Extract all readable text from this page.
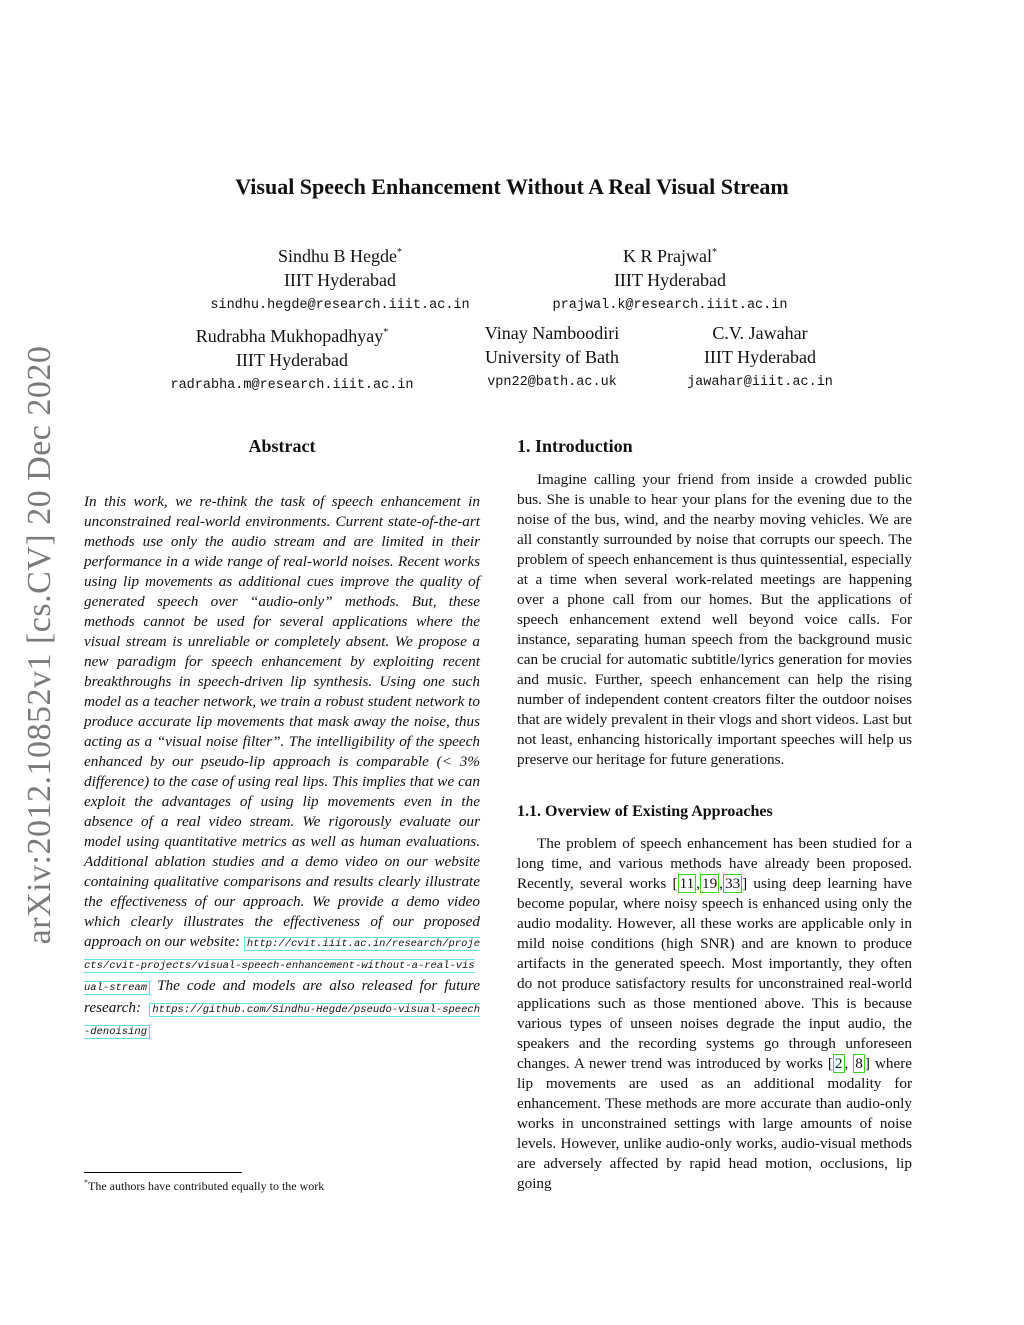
arXiv:2012.10852v1 [cs.CV] 20 Dec 2020
Visual Speech Enhancement Without A Real Visual Stream
Sindhu B Hegde*
IIIT Hyderabad
sindhu.hegde@research.iiit.ac.in
K R Prajwal*
IIIT Hyderabad
prajwal.k@research.iiit.ac.in
Rudrabha Mukhopadhyay*
IIIT Hyderabad
radrabha.m@research.iiit.ac.in
Vinay Namboodiri
University of Bath
vpn22@bath.ac.uk
C.V. Jawahar
IIIT Hyderabad
jawahar@iiit.ac.in
Abstract
In this work, we re-think the task of speech enhancement in unconstrained real-world environments. Current state-of-the-art methods use only the audio stream and are limited in their performance in a wide range of real-world noises. Recent works using lip movements as additional cues improve the quality of generated speech over “audio-only” methods. But, these methods cannot be used for several applications where the visual stream is unreliable or completely absent. We propose a new paradigm for speech enhancement by exploiting recent breakthroughs in speech-driven lip synthesis. Using one such model as a teacher network, we train a robust student network to produce accurate lip movements that mask away the noise, thus acting as a “visual noise filter”. The intelligibility of the speech enhanced by our pseudo-lip approach is comparable (< 3% difference) to the case of using real lips. This implies that we can exploit the advantages of using lip movements even in the absence of a real video stream. We rigorously evaluate our model using quantitative metrics as well as human evaluations. Additional ablation studies and a demo video on our website containing qualitative comparisons and results clearly illustrate the effectiveness of our approach. We provide a demo video which clearly illustrates the effectiveness of our proposed approach on our website: http://cvit.iiit.ac.in/research/projects/cvit-projects/visual-speech-enhancement-without-a-real-visual-stream The code and models are also released for future research: https://github.com/Sindhu-Hegde/pseudo-visual-speech-denoising
*The authors have contributed equally to the work
1. Introduction
Imagine calling your friend from inside a crowded public bus. She is unable to hear your plans for the evening due to the noise of the bus, wind, and the nearby moving vehicles. We are all constantly surrounded by noise that corrupts our speech. The problem of speech enhancement is thus quintessential, especially at a time when several work-related meetings are happening over a phone call from our homes. But the applications of speech enhancement extend well beyond voice calls. For instance, separating human speech from the background music can be crucial for automatic subtitle/lyrics generation for movies and music. Further, speech enhancement can help the rising number of independent content creators filter the outdoor noises that are widely prevalent in their vlogs and short videos. Last but not least, enhancing historically important speeches will help us preserve our heritage for future generations.
1.1. Overview of Existing Approaches
The problem of speech enhancement has been studied for a long time, and various methods have already been proposed. Recently, several works [ 11 , 19 , 33 ] using deep learning have become popular, where noisy speech is enhanced using only the audio modality. However, all these works are applicable only in mild noise conditions (high SNR) and are known to produce artifacts in the generated speech. Most importantly, they often do not produce satisfactory results for unconstrained real-world applications such as those mentioned above. This is because various types of unseen noises degrade the input audio, the speakers and the recording systems go through unforeseen changes. A newer trend was introduced by works [ 2 , 8 ] where lip movements are used as an additional modality for enhancement. These methods are more accurate than audio-only works in unconstrained settings with large amounts of noise levels. However, unlike audio-only works, audio-visual methods are adversely affected by rapid head motion, occlusions, lip going
